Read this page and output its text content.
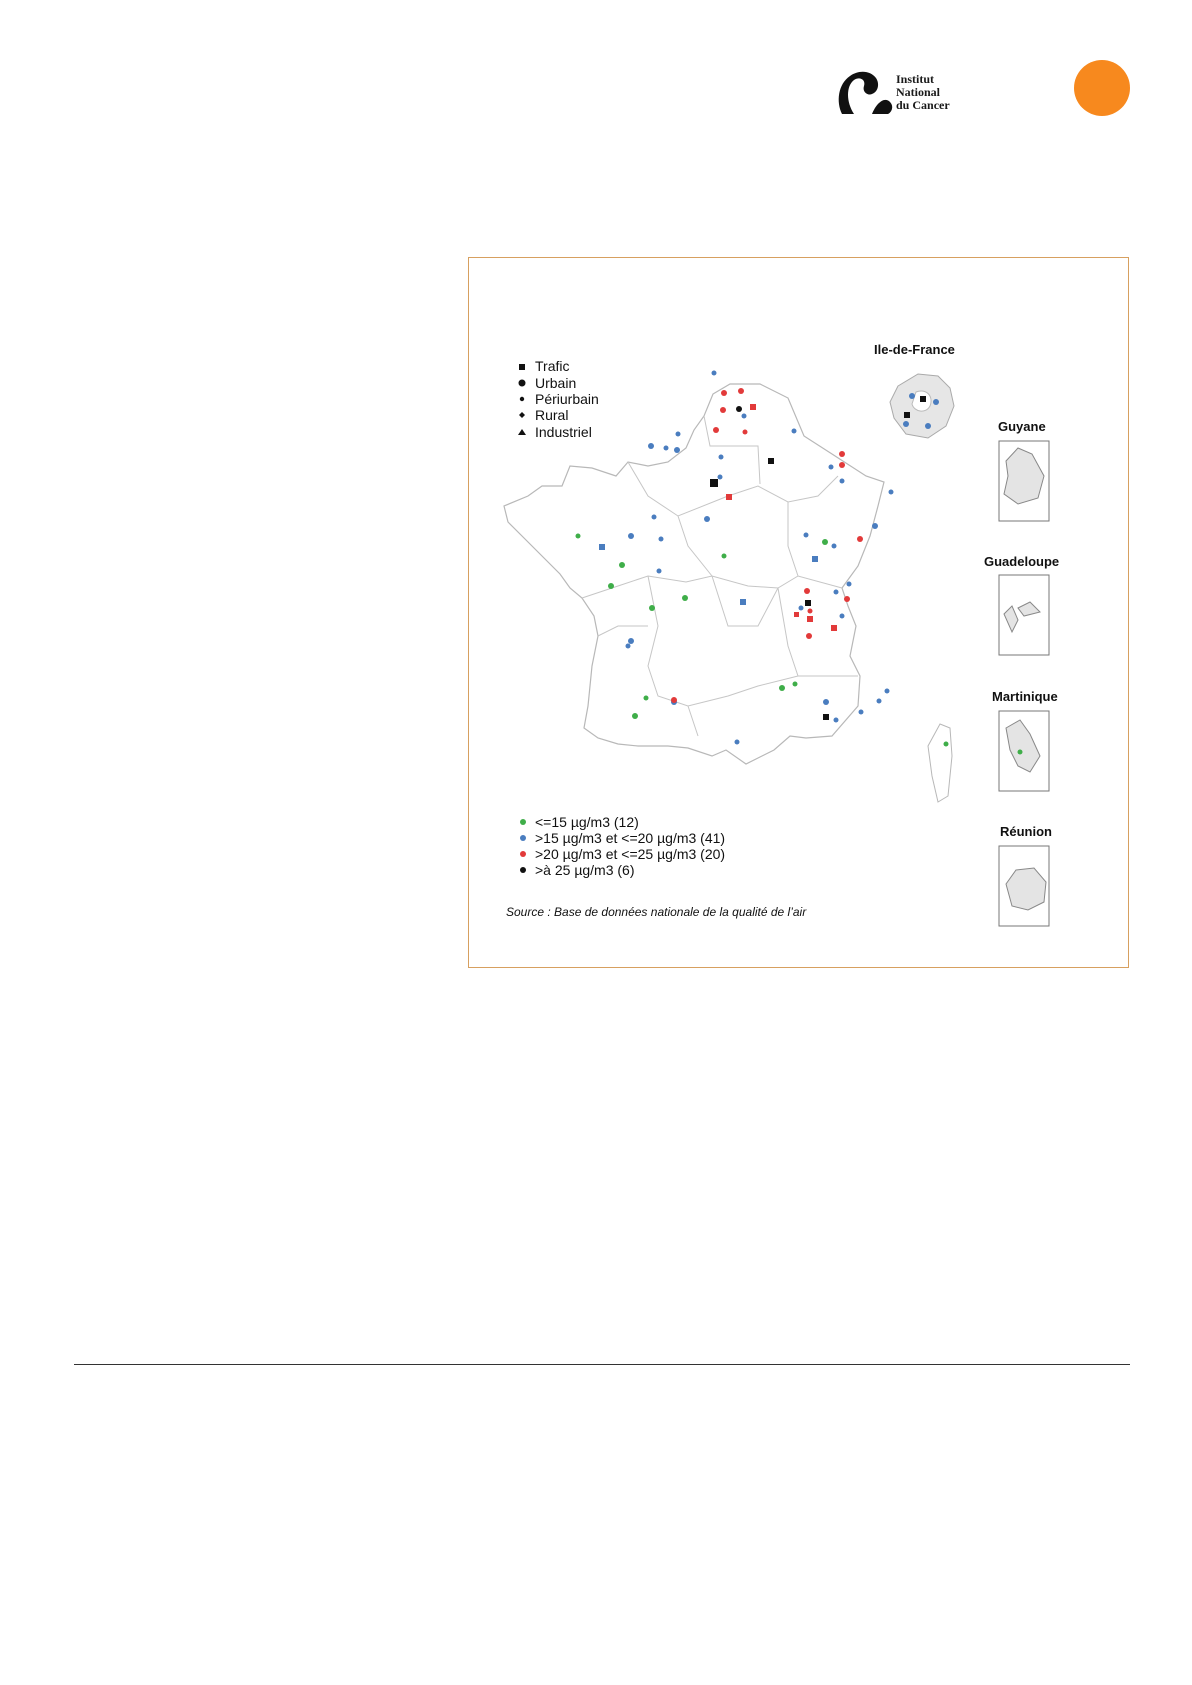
Institut
National
du Cancer
Ile-de-France
Trafic
Urbain
Périurbain
Rural
Industriel	Guyane
Guadeloupe
Martinique
Réunion
<=15 µg/m3 (12)
>15 µg/m3 et <=20 µg/m3 (41)
>20 µg/m3 et <=25 µg/m3 (20)
>à 25 µg/m3 (6)
Source : Base de données nationale de la qualité de l’air
